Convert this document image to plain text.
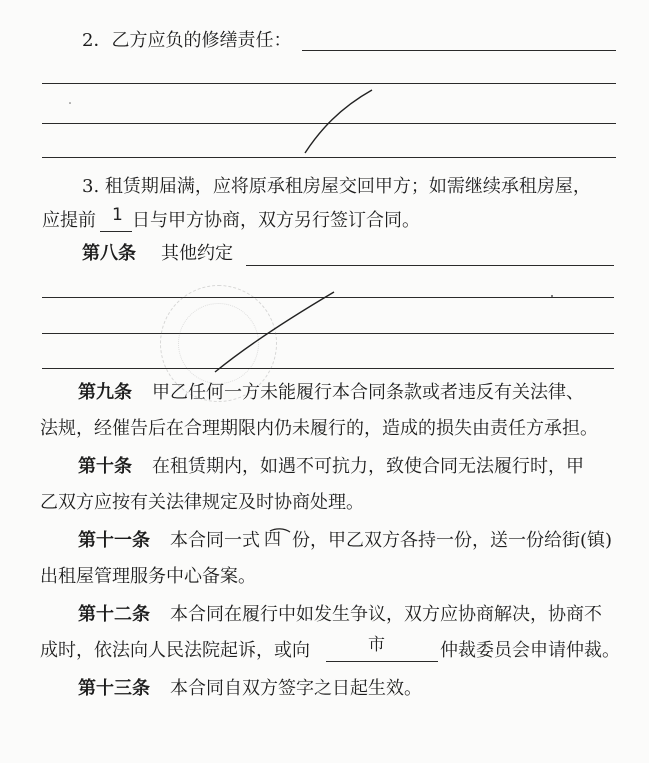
2．乙方应负的修缮责任：
3. 租赁期届满，应将原承租房屋交回甲方；如需继续承租房屋，
应提前 1 日与甲方协商，双方另行签订合同。
第八条 其他约定
第九条 甲乙任何一方未能履行本合同条款或者违反有关法律、
法规，经催告后在合理期限内仍未履行的，造成的损失由责任方承担。
第十条 在租赁期内，如遇不可抗力，致使合同无法履行时，甲
乙双方应按有关法律规定及时协商处理。
第十一条 本合同一式 四 份，甲乙双方各持一份，送一份给街(镇)
出租屋管理服务中心备案。
第十二条 本合同在履行中如发生争议，双方应协商解决，协商不
成时，依法向人民法院起诉，或向	市	仲裁委员会申请仲裁。
第十三条 本合同自双方签字之日起生效。
